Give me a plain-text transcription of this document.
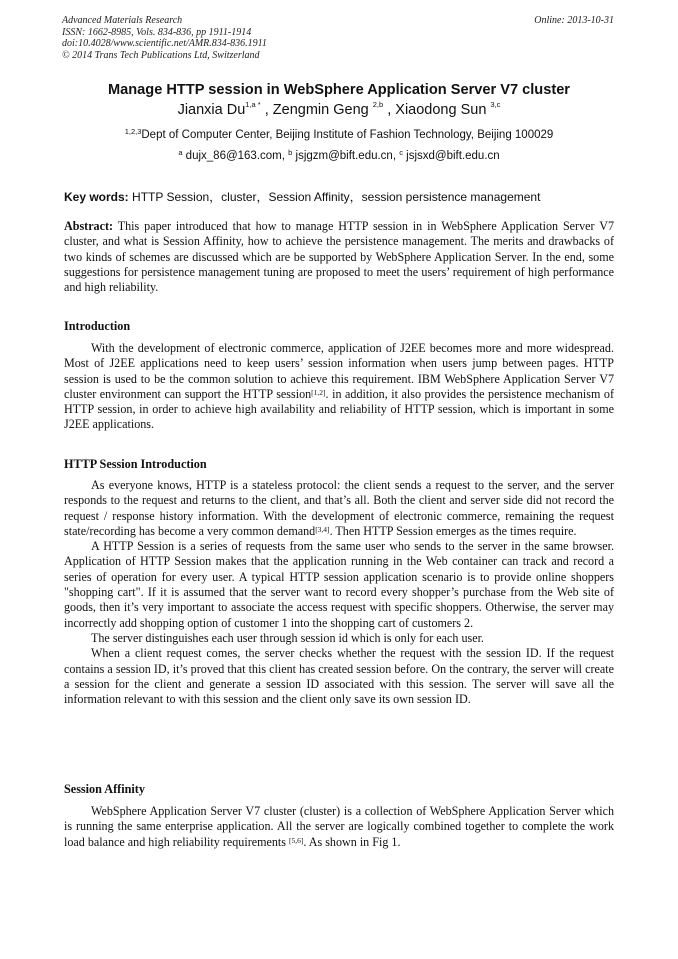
Advanced Materials Research
ISSN: 1662-8985, Vols. 834-836, pp 1911-1914
doi:10.4028/www.scientific.net/AMR.834-836.1911
© 2014 Trans Tech Publications Ltd, Switzerland
Online: 2013-10-31
Manage HTTP session in WebSphere Application Server V7 cluster
Jianxia $Du^{1,a *}$ , Zengmin Geng $^{2,b}$ , Xiaodong Sun $^{3,c}$
$^{1,2,3}$Dept of Computer Center, Beijing Institute of Fashion Technology, Beijing 100029
$^a$ dujx_86@163.com, $^b$ jsjgzm@bift.edu.cn, $^c$ jsjsxd@bift.edu.cn
Key words: HTTP Session，cluster，Session Affinity，session persistence management

Abstract: This paper introduced that how to manage HTTP session in in WebSphere Application Server V7 cluster, and what is Session Affinity, how to achieve the persistence management. The merits and drawbacks of two kinds of schemes are discussed which are be supported by WebSphere Application Server. In the end, some suggestions for persistence management tuning are proposed to meet the users’ requirement of high performance and high reliability.

Introduction

With the development of electronic commerce, application of J2EE becomes more and more widespread. Most of J2EE applications need to keep users’ session information when users jump between pages. HTTP session is used to be the common solution to achieve this requirement. IBM WebSphere Application Server V7 cluster environment can support the HTTP session[1,2]. in addition, it also provides the persistence mechanism of HTTP session, in order to achieve high availability and reliability of HTTP session, which is important in some J2EE applications.

HTTP Session Introduction

As everyone knows, HTTP is a stateless protocol: the client sends a request to the server, and the server responds to the request and returns to the client, and that’s all. Both the client and server side did not record the request / response history information. With the development of electronic commerce, remaining the request state/recording has become a very common demand[3,4]. Then HTTP Session emerges as the times require.

A HTTP Session is a series of requests from the same user who sends to the server in the same browser. Application of HTTP Session makes that the application running in the Web container can track and record a series of operation for every user. A typical HTTP session application scenario is to provide online shoppers "shopping cart". If it is assumed that the server want to record every shopper’s purchase from the Web site of goods, then it’s very important to associate the access request with specific shoppers. Otherwise, the server may incorrectly add shopping option of customer 1 into the shopping cart of customers 2.

The server distinguishes each user through session id which is only for each user.

When a client request comes, the server checks whether the request with the session ID. If the request contains a session ID, it’s proved that this client has created session before. On the contrary, the server will create a session for the client and generate a session ID associated with this session. The server will save all the information relevant to with this session and the client only save its own session ID.

Session Affinity

WebSphere Application Server V7 cluster (cluster) is a collection of WebSphere Application Server which is running the same enterprise application. All the server are logically combined together to complete the work load balance and high reliability requirements [5,6]. As shown in Fig 1.
